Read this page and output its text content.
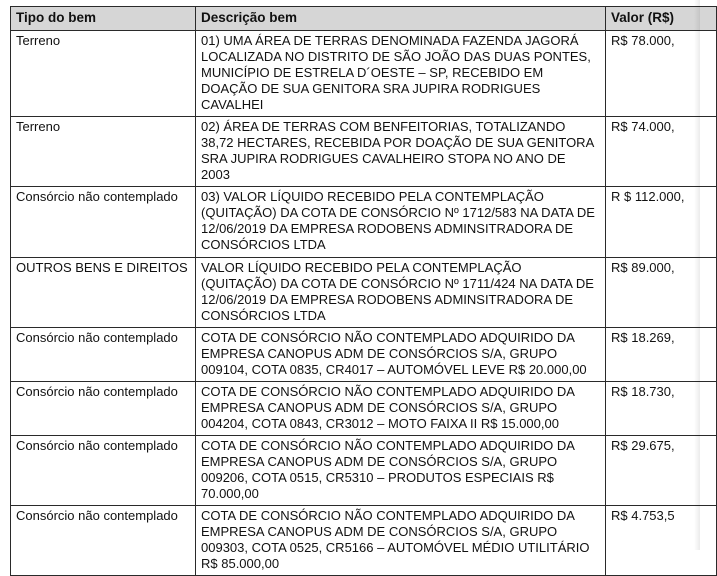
Tipo do bem	Descrição bem	Valor (R$)
Terreno	01) UMA ÁREA DE TERRAS DENOMINADA FAZENDA JAGORÁ LOCALIZADA NO DISTRITO DE SÃO JOÃO DAS DUAS PONTES, MUNICÍPIO DE ESTRELA D´OESTE – SP, RECEBIDO EM DOAÇÃO DE SUA GENITORA SRA JUPIRA RODRIGUES CAVALHEI	R$ 78.000,
Terreno	02) ÁREA DE TERRAS COM BENFEITORIAS, TOTALIZANDO 38,72 HECTARES, RECEBIDA POR DOAÇÃO DE SUA GENITORA SRA JUPIRA RODRIGUES CAVALHEIRO STOPA NO ANO DE 2003	R$ 74.000,
Consórcio não contemplado	03) VALOR LÍQUIDO RECEBIDO PELA CONTEMPLAÇÃO (QUITAÇÃO) DA COTA DE CONSÓRCIO Nº 1712/583 NA DATA DE 12/06/2019 DA EMPRESA RODOBENS ADMINSITRADORA DE CONSÓRCIOS LTDA	R $ 112.000,
OUTROS BENS E DIREITOS	VALOR LÍQUIDO RECEBIDO PELA CONTEMPLAÇÃO (QUITAÇÃO) DA COTA DE CONSÓRCIO Nº 1711/424 NA DATA DE 12/06/2019 DA EMPRESA RODOBENS ADMINSITRADORA DE CONSÓRCIOS LTDA	R$ 89.000,
Consórcio não contemplado	COTA DE CONSÓRCIO NÃO CONTEMPLADO ADQUIRIDO DA EMPRESA CANOPUS ADM DE CONSÓRCIOS S/A, GRUPO 009104, COTA 0835, CR4017 – AUTOMÓVEL LEVE R$ 20.000,00	R$ 18.269,
Consórcio não contemplado	COTA DE CONSÓRCIO NÃO CONTEMPLADO ADQUIRIDO DA EMPRESA CANOPUS ADM DE CONSÓRCIOS S/A, GRUPO 004204, COTA 0843, CR3012 – MOTO FAIXA II R$ 15.000,00	R$ 18.730,
Consórcio não contemplado	COTA DE CONSÓRCIO NÃO CONTEMPLADO ADQUIRIDO DA EMPRESA CANOPUS ADM DE CONSÓRCIOS S/A, GRUPO 009206, COTA 0515, CR5310 – PRODUTOS ESPECIAIS R$ 70.000,00	R$ 29.675,
Consórcio não contemplado	COTA DE CONSÓRCIO NÃO CONTEMPLADO ADQUIRIDO DA EMPRESA CANOPUS ADM DE CONSÓRCIOS S/A, GRUPO 009303, COTA 0525, CR5166 – AUTOMÓVEL MÉDIO UTILITÁRIO R$ 85.000,00	R$ 4.753,5
